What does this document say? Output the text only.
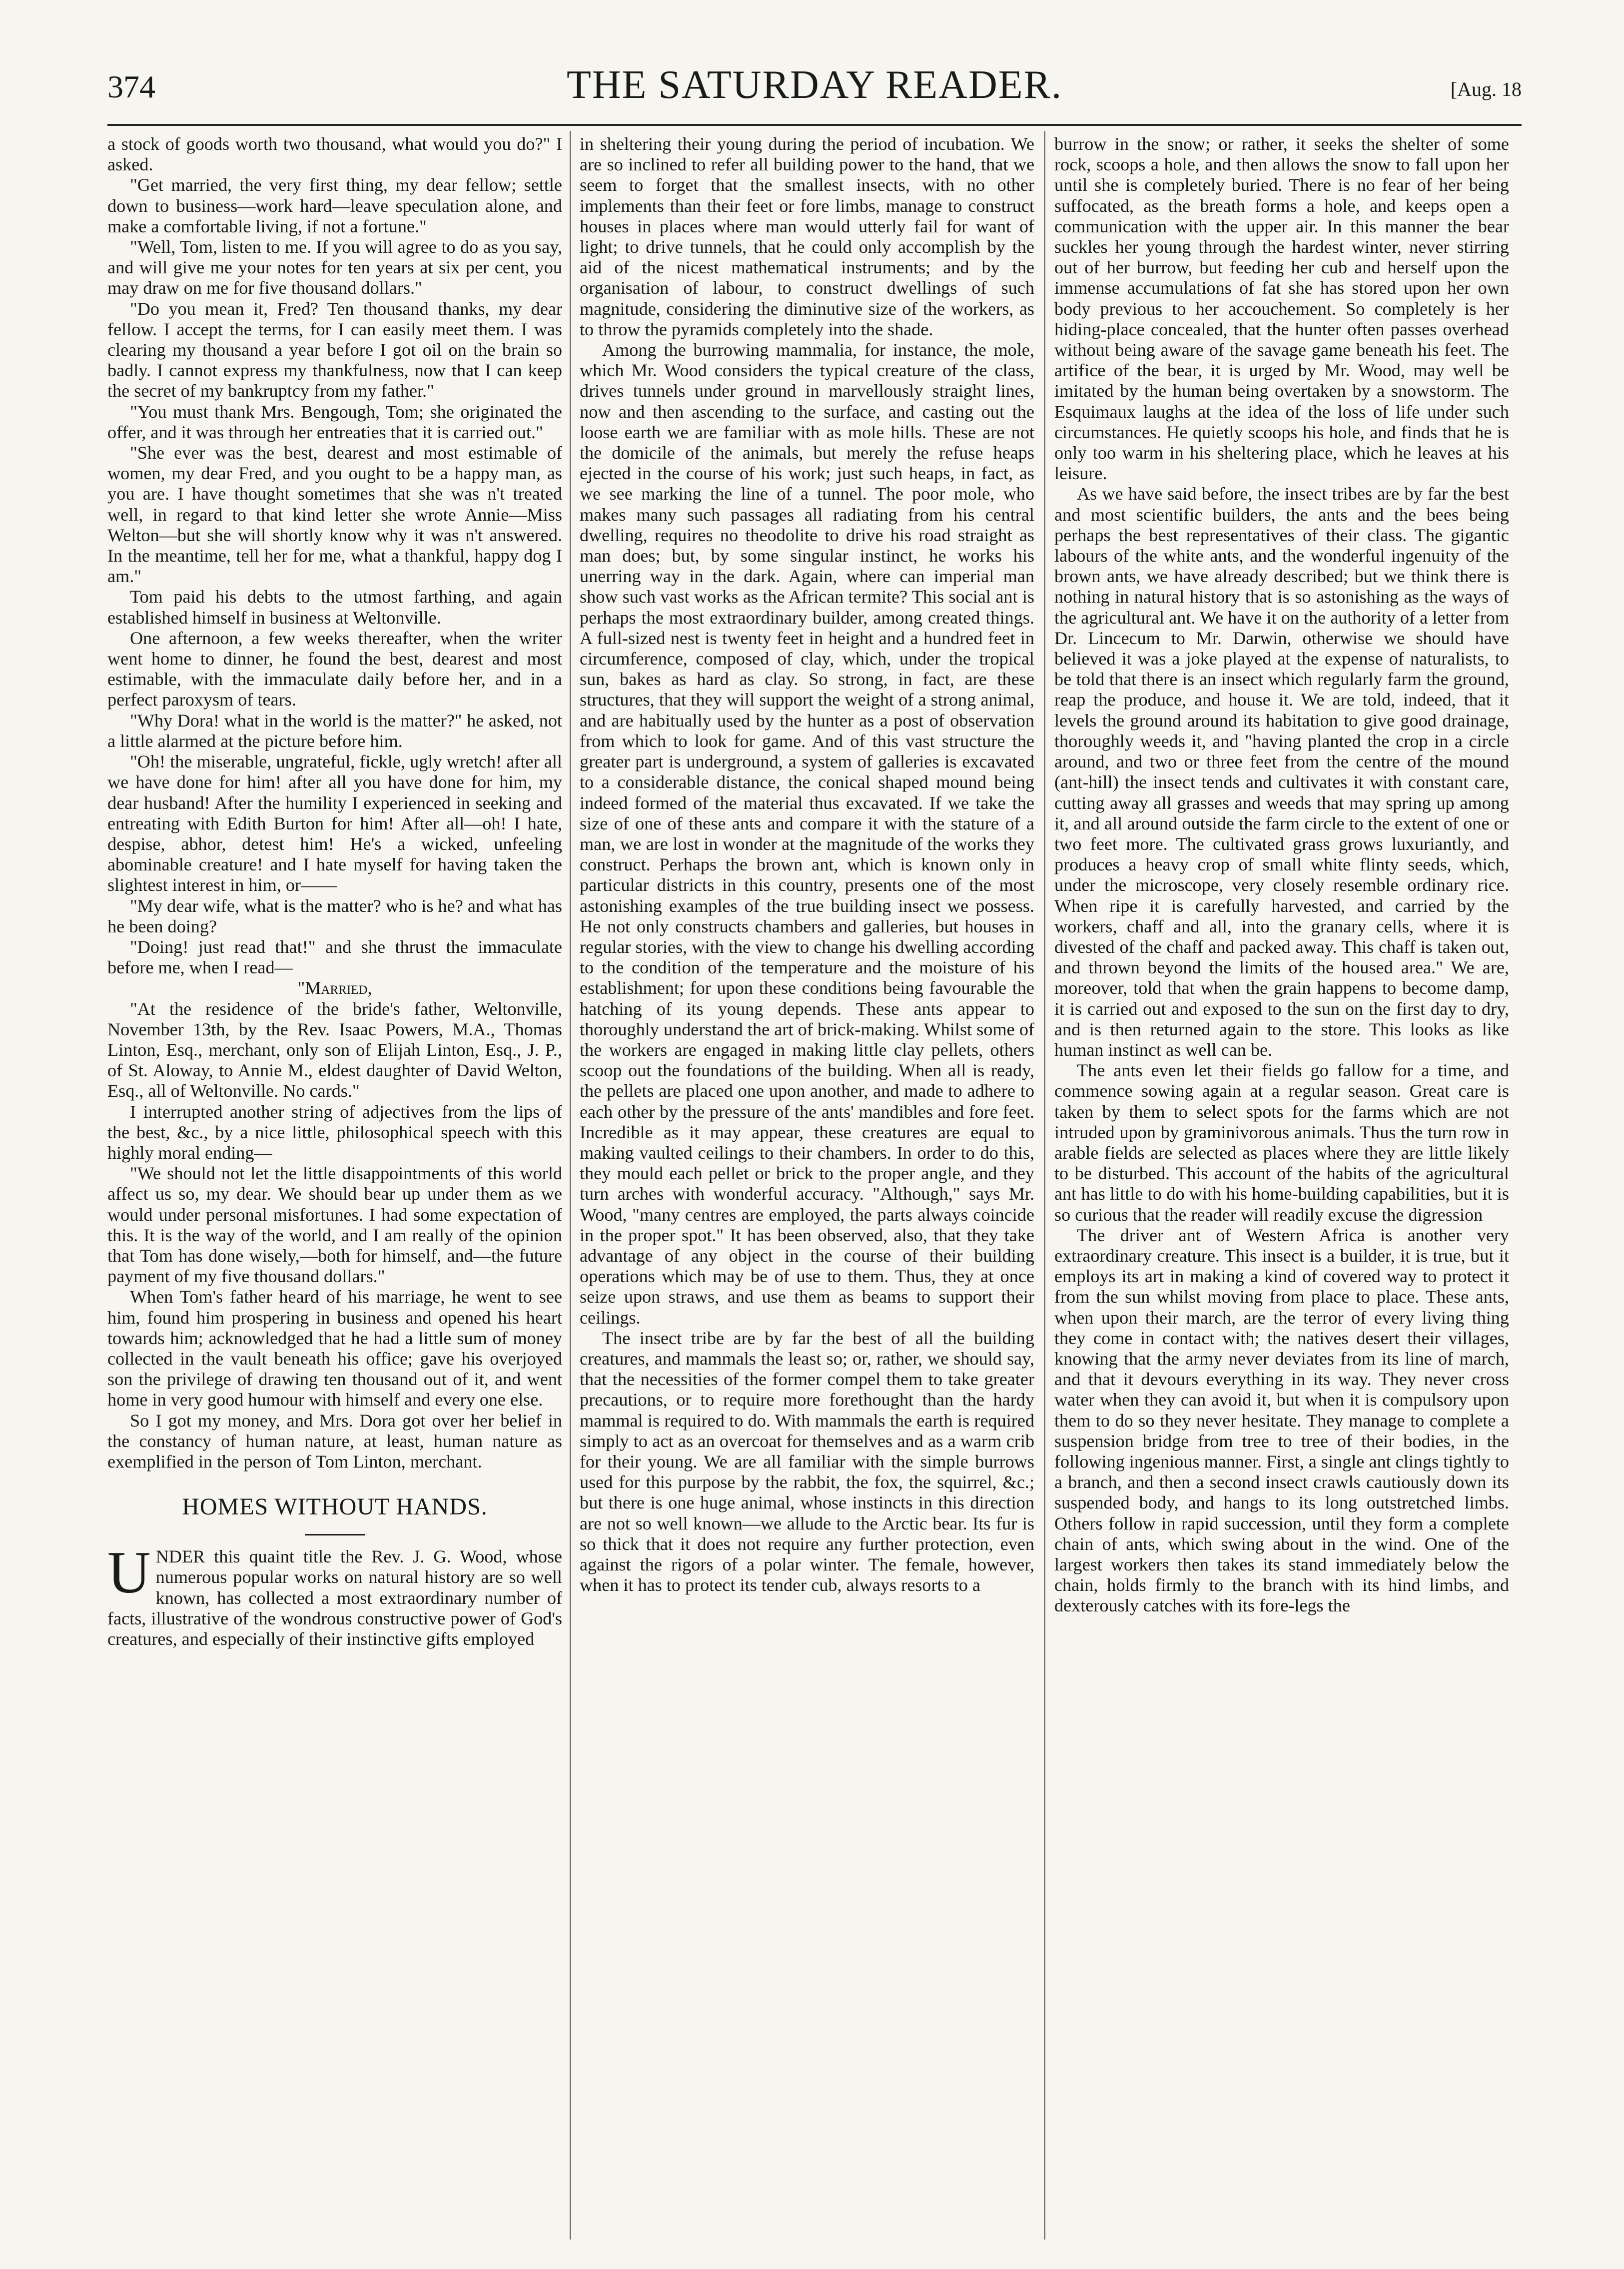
374	THE SATURDAY READER.	[Aug. 18

a stock of goods worth two thousand, what would you do?" I asked.

"Get married, the very first thing, my dear fellow; settle down to business—work hard—leave speculation alone, and make a comfortable living, if not a fortune."

"Well, Tom, listen to me. If you will agree to do as you say, and will give me your notes for ten years at six per cent, you may draw on me for five thousand dollars."

"Do you mean it, Fred? Ten thousand thanks, my dear fellow. I accept the terms, for I can easily meet them. I was clearing my thousand a year before I got oil on the brain so badly. I cannot express my thankfulness, now that I can keep the secret of my bankruptcy from my father."

"You must thank Mrs. Bengough, Tom; she originated the offer, and it was through her entreaties that it is carried out."

"She ever was the best, dearest and most estimable of women, my dear Fred, and you ought to be a happy man, as you are. I have thought sometimes that she was n't treated well, in regard to that kind letter she wrote Annie—Miss Welton—but she will shortly know why it was n't answered. In the meantime, tell her for me, what a thankful, happy dog I am."

Tom paid his debts to the utmost farthing, and again established himself in business at Weltonville.

One afternoon, a few weeks thereafter, when the writer went home to dinner, he found the best, dearest and most estimable, with the immaculate daily before her, and in a perfect paroxysm of tears.

"Why Dora! what in the world is the matter?" he asked, not a little alarmed at the picture before him.

"Oh! the miserable, ungrateful, fickle, ugly wretch! after all we have done for him! after all you have done for him, my dear husband! After the humility I experienced in seeking and entreating with Edith Burton for him! After all—oh! I hate, despise, abhor, detest him! He's a wicked, unfeeling abominable creature! and I hate myself for having taken the slightest interest in him, or——

"My dear wife, what is the matter? who is he? and what has he been doing?

"Doing! just read that!" and she thrust the immaculate before me, when I read—

"Married,

"At the residence of the bride's father, Weltonville, November 13th, by the Rev. Isaac Powers, M.A., Thomas Linton, Esq., merchant, only son of Elijah Linton, Esq., J. P., of St. Aloway, to Annie M., eldest daughter of David Welton, Esq., all of Weltonville. No cards."

I interrupted another string of adjectives from the lips of the best, &c., by a nice little, philosophical speech with this highly moral ending—

"We should not let the little disappointments of this world affect us so, my dear. We should bear up under them as we would under personal misfortunes. I had some expectation of this. It is the way of the world, and I am really of the opinion that Tom has done wisely,—both for himself, and—the future payment of my five thousand dollars."

When Tom's father heard of his marriage, he went to see him, found him prospering in business and opened his heart towards him; acknowledged that he had a little sum of money collected in the vault beneath his office; gave his overjoyed son the privilege of drawing ten thousand out of it, and went home in very good humour with himself and every one else.

So I got my money, and Mrs. Dora got over her belief in the constancy of human nature, at least, human nature as exemplified in the person of Tom Linton, merchant.

HOMES WITHOUT HANDS.

UNDER this quaint title the Rev. J. G. Wood, whose numerous popular works on natural history are so well known, has collected a most extraordinary number of facts, illustrative of the wondrous constructive power of God's creatures, and especially of their instinctive gifts employed

in sheltering their young during the period of incubation. We are so inclined to refer all building power to the hand, that we seem to forget that the smallest insects, with no other implements than their feet or fore limbs, manage to construct houses in places where man would utterly fail for want of light; to drive tunnels, that he could only accomplish by the aid of the nicest mathematical instruments; and by the organisation of labour, to construct dwellings of such magnitude, considering the diminutive size of the workers, as to throw the pyramids completely into the shade.

Among the burrowing mammalia, for instance, the mole, which Mr. Wood considers the typical creature of the class, drives tunnels under ground in marvellously straight lines, now and then ascending to the surface, and casting out the loose earth we are familiar with as mole hills. These are not the domicile of the animals, but merely the refuse heaps ejected in the course of his work; just such heaps, in fact, as we see marking the line of a tunnel. The poor mole, who makes many such passages all radiating from his central dwelling, requires no theodolite to drive his road straight as man does; but, by some singular instinct, he works his unerring way in the dark. Again, where can imperial man show such vast works as the African termite? This social ant is perhaps the most extraordinary builder, among created things. A full-sized nest is twenty feet in height and a hundred feet in circumference, composed of clay, which, under the tropical sun, bakes as hard as clay. So strong, in fact, are these structures, that they will support the weight of a strong animal, and are habitually used by the hunter as a post of observation from which to look for game. And of this vast structure the greater part is underground, a system of galleries is excavated to a considerable distance, the conical shaped mound being indeed formed of the material thus excavated. If we take the size of one of these ants and compare it with the stature of a man, we are lost in wonder at the magnitude of the works they construct. Perhaps the brown ant, which is known only in particular districts in this country, presents one of the most astonishing examples of the true building insect we possess. He not only constructs chambers and galleries, but houses in regular stories, with the view to change his dwelling according to the condition of the temperature and the moisture of his establishment; for upon these conditions being favourable the hatching of its young depends. These ants appear to thoroughly understand the art of brick-making. Whilst some of the workers are engaged in making little clay pellets, others scoop out the foundations of the building. When all is ready, the pellets are placed one upon another, and made to adhere to each other by the pressure of the ants' mandibles and fore feet. Incredible as it may appear, these creatures are equal to making vaulted ceilings to their chambers. In order to do this, they mould each pellet or brick to the proper angle, and they turn arches with wonderful accuracy. "Although," says Mr. Wood, "many centres are employed, the parts always coincide in the proper spot." It has been observed, also, that they take advantage of any object in the course of their building operations which may be of use to them. Thus, they at once seize upon straws, and use them as beams to support their ceilings.

The insect tribe are by far the best of all the building creatures, and mammals the least so; or, rather, we should say, that the necessities of the former compel them to take greater precautions, or to require more forethought than the hardy mammal is required to do. With mammals the earth is required simply to act as an overcoat for themselves and as a warm crib for their young. We are all familiar with the simple burrows used for this purpose by the rabbit, the fox, the squirrel, &c.; but there is one huge animal, whose instincts in this direction are not so well known—we allude to the Arctic bear. Its fur is so thick that it does not require any further protection, even against the rigors of a polar winter. The female, however, when it has to protect its tender cub, always resorts to a

burrow in the snow; or rather, it seeks the shelter of some rock, scoops a hole, and then allows the snow to fall upon her until she is completely buried. There is no fear of her being suffocated, as the breath forms a hole, and keeps open a communication with the upper air. In this manner the bear suckles her young through the hardest winter, never stirring out of her burrow, but feeding her cub and herself upon the immense accumulations of fat she has stored upon her own body previous to her accouchement. So completely is her hiding-place concealed, that the hunter often passes overhead without being aware of the savage game beneath his feet. The artifice of the bear, it is urged by Mr. Wood, may well be imitated by the human being overtaken by a snowstorm. The Esquimaux laughs at the idea of the loss of life under such circumstances. He quietly scoops his hole, and finds that he is only too warm in his sheltering place, which he leaves at his leisure.

As we have said before, the insect tribes are by far the best and most scientific builders, the ants and the bees being perhaps the best representatives of their class. The gigantic labours of the white ants, and the wonderful ingenuity of the brown ants, we have already described; but we think there is nothing in natural history that is so astonishing as the ways of the agricultural ant. We have it on the authority of a letter from Dr. Lincecum to Mr. Darwin, otherwise we should have believed it was a joke played at the expense of naturalists, to be told that there is an insect which regularly farm the ground, reap the produce, and house it. We are told, indeed, that it levels the ground around its habitation to give good drainage, thoroughly weeds it, and "having planted the crop in a circle around, and two or three feet from the centre of the mound (ant-hill) the insect tends and cultivates it with constant care, cutting away all grasses and weeds that may spring up among it, and all around outside the farm circle to the extent of one or two feet more. The cultivated grass grows luxuriantly, and produces a heavy crop of small white flinty seeds, which, under the microscope, very closely resemble ordinary rice. When ripe it is carefully harvested, and carried by the workers, chaff and all, into the granary cells, where it is divested of the chaff and packed away. This chaff is taken out, and thrown beyond the limits of the housed area." We are, moreover, told that when the grain happens to become damp, it is carried out and exposed to the sun on the first day to dry, and is then returned again to the store. This looks as like human instinct as well can be.

The ants even let their fields go fallow for a time, and commence sowing again at a regular season. Great care is taken by them to select spots for the farms which are not intruded upon by graminivorous animals. Thus the turn row in arable fields are selected as places where they are little likely to be disturbed. This account of the habits of the agricultural ant has little to do with his home-building capabilities, but it is so curious that the reader will readily excuse the digression

The driver ant of Western Africa is another very extraordinary creature. This insect is a builder, it is true, but it employs its art in making a kind of covered way to protect it from the sun whilst moving from place to place. These ants, when upon their march, are the terror of every living thing they come in contact with; the natives desert their villages, knowing that the army never deviates from its line of march, and that it devours everything in its way. They never cross water when they can avoid it, but when it is compulsory upon them to do so they never hesitate. They manage to complete a suspension bridge from tree to tree of their bodies, in the following ingenious manner. First, a single ant clings tightly to a branch, and then a second insect crawls cautiously down its suspended body, and hangs to its long outstretched limbs. Others follow in rapid succession, until they form a complete chain of ants, which swing about in the wind. One of the largest workers then takes its stand immediately below the chain, holds firmly to the branch with its hind limbs, and dexterously catches with its fore-legs the
